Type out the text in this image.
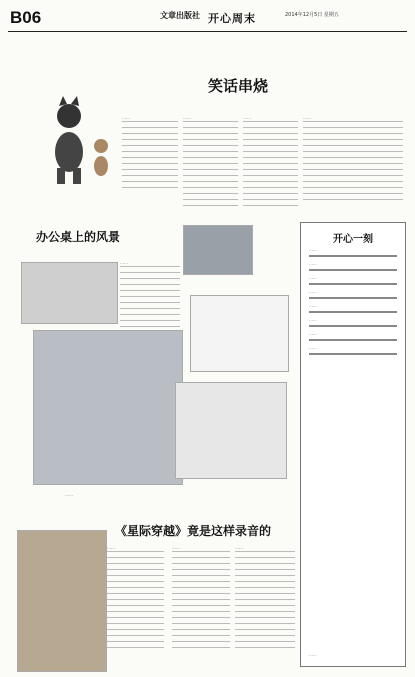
B06	文章出版社 开心周末	2014年12月5日 星期五
笑话串烧
……	……	……	……
办公桌上的风景
……
……
《星际穿越》竟是这样录音的
……	……	……
开心一刻
……
……
……
……
……
……
……
……
……
